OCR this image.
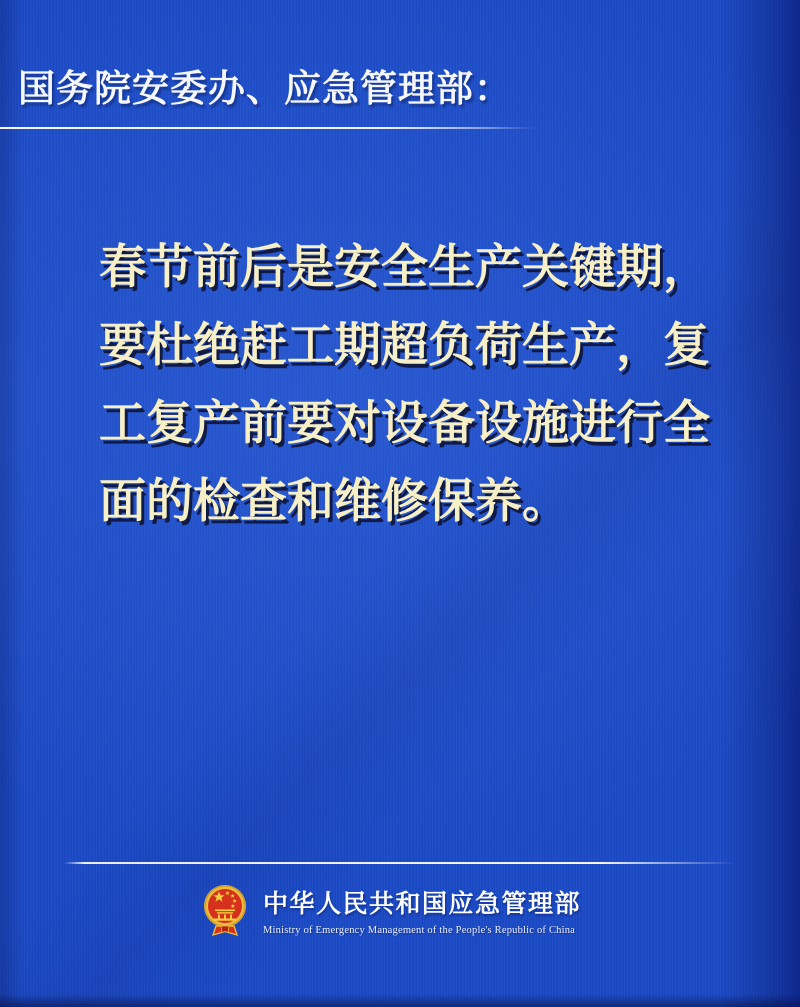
国务院安委办、应急管理部：
春节前后是安全生产关键期，
要杜绝赶工期超负荷生产，复
工复产前要对设备设施进行全
面的检查和维修保养。
中华人民共和国应急管理部
Ministry of Emergency Management of the People's Republic of China
